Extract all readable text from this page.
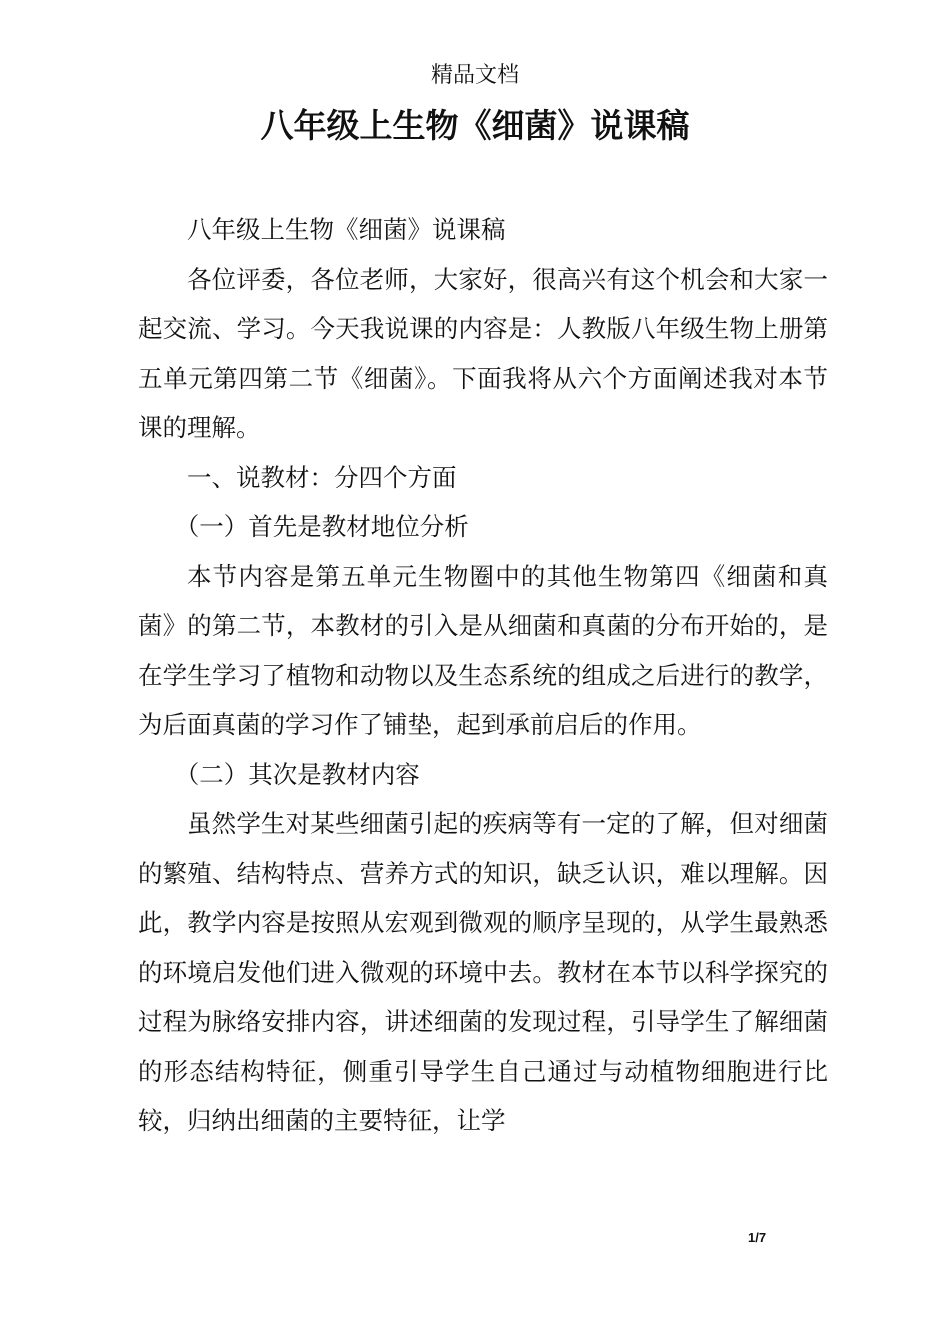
精品文档
八年级上生物《细菌》说课稿

八年级上生物《细菌》说课稿

各位评委，各位老师，大家好，很高兴有这个机会和大家一起交流、学习。今天我说课的内容是：人教版八年级生物上册第五单元第四第二节《细菌》。下面我将从六个方面阐述我对本节课的理解。

一、说教材：分四个方面

（一）首先是教材地位分析

本节内容是第五单元生物圈中的其他生物第四《细菌和真菌》的第二节，本教材的引入是从细菌和真菌的分布开始的，是在学生学习了植物和动物以及生态系统的组成之后进行的教学，为后面真菌的学习作了铺垫，起到承前启后的作用。

（二）其次是教材内容

虽然学生对某些细菌引起的疾病等有一定的了解，但对细菌的繁殖、结构特点、营养方式的知识，缺乏认识，难以理解。因此，教学内容是按照从宏观到微观的顺序呈现的，从学生最熟悉的环境启发他们进入微观的环境中去。教材在本节以科学探究的过程为脉络安排内容，讲述细菌的发现过程，引导学生了解细菌的形态结构特征，侧重引导学生自己通过与动植物细胞进行比较，归纳出细菌的主要特征，让学

1/7
